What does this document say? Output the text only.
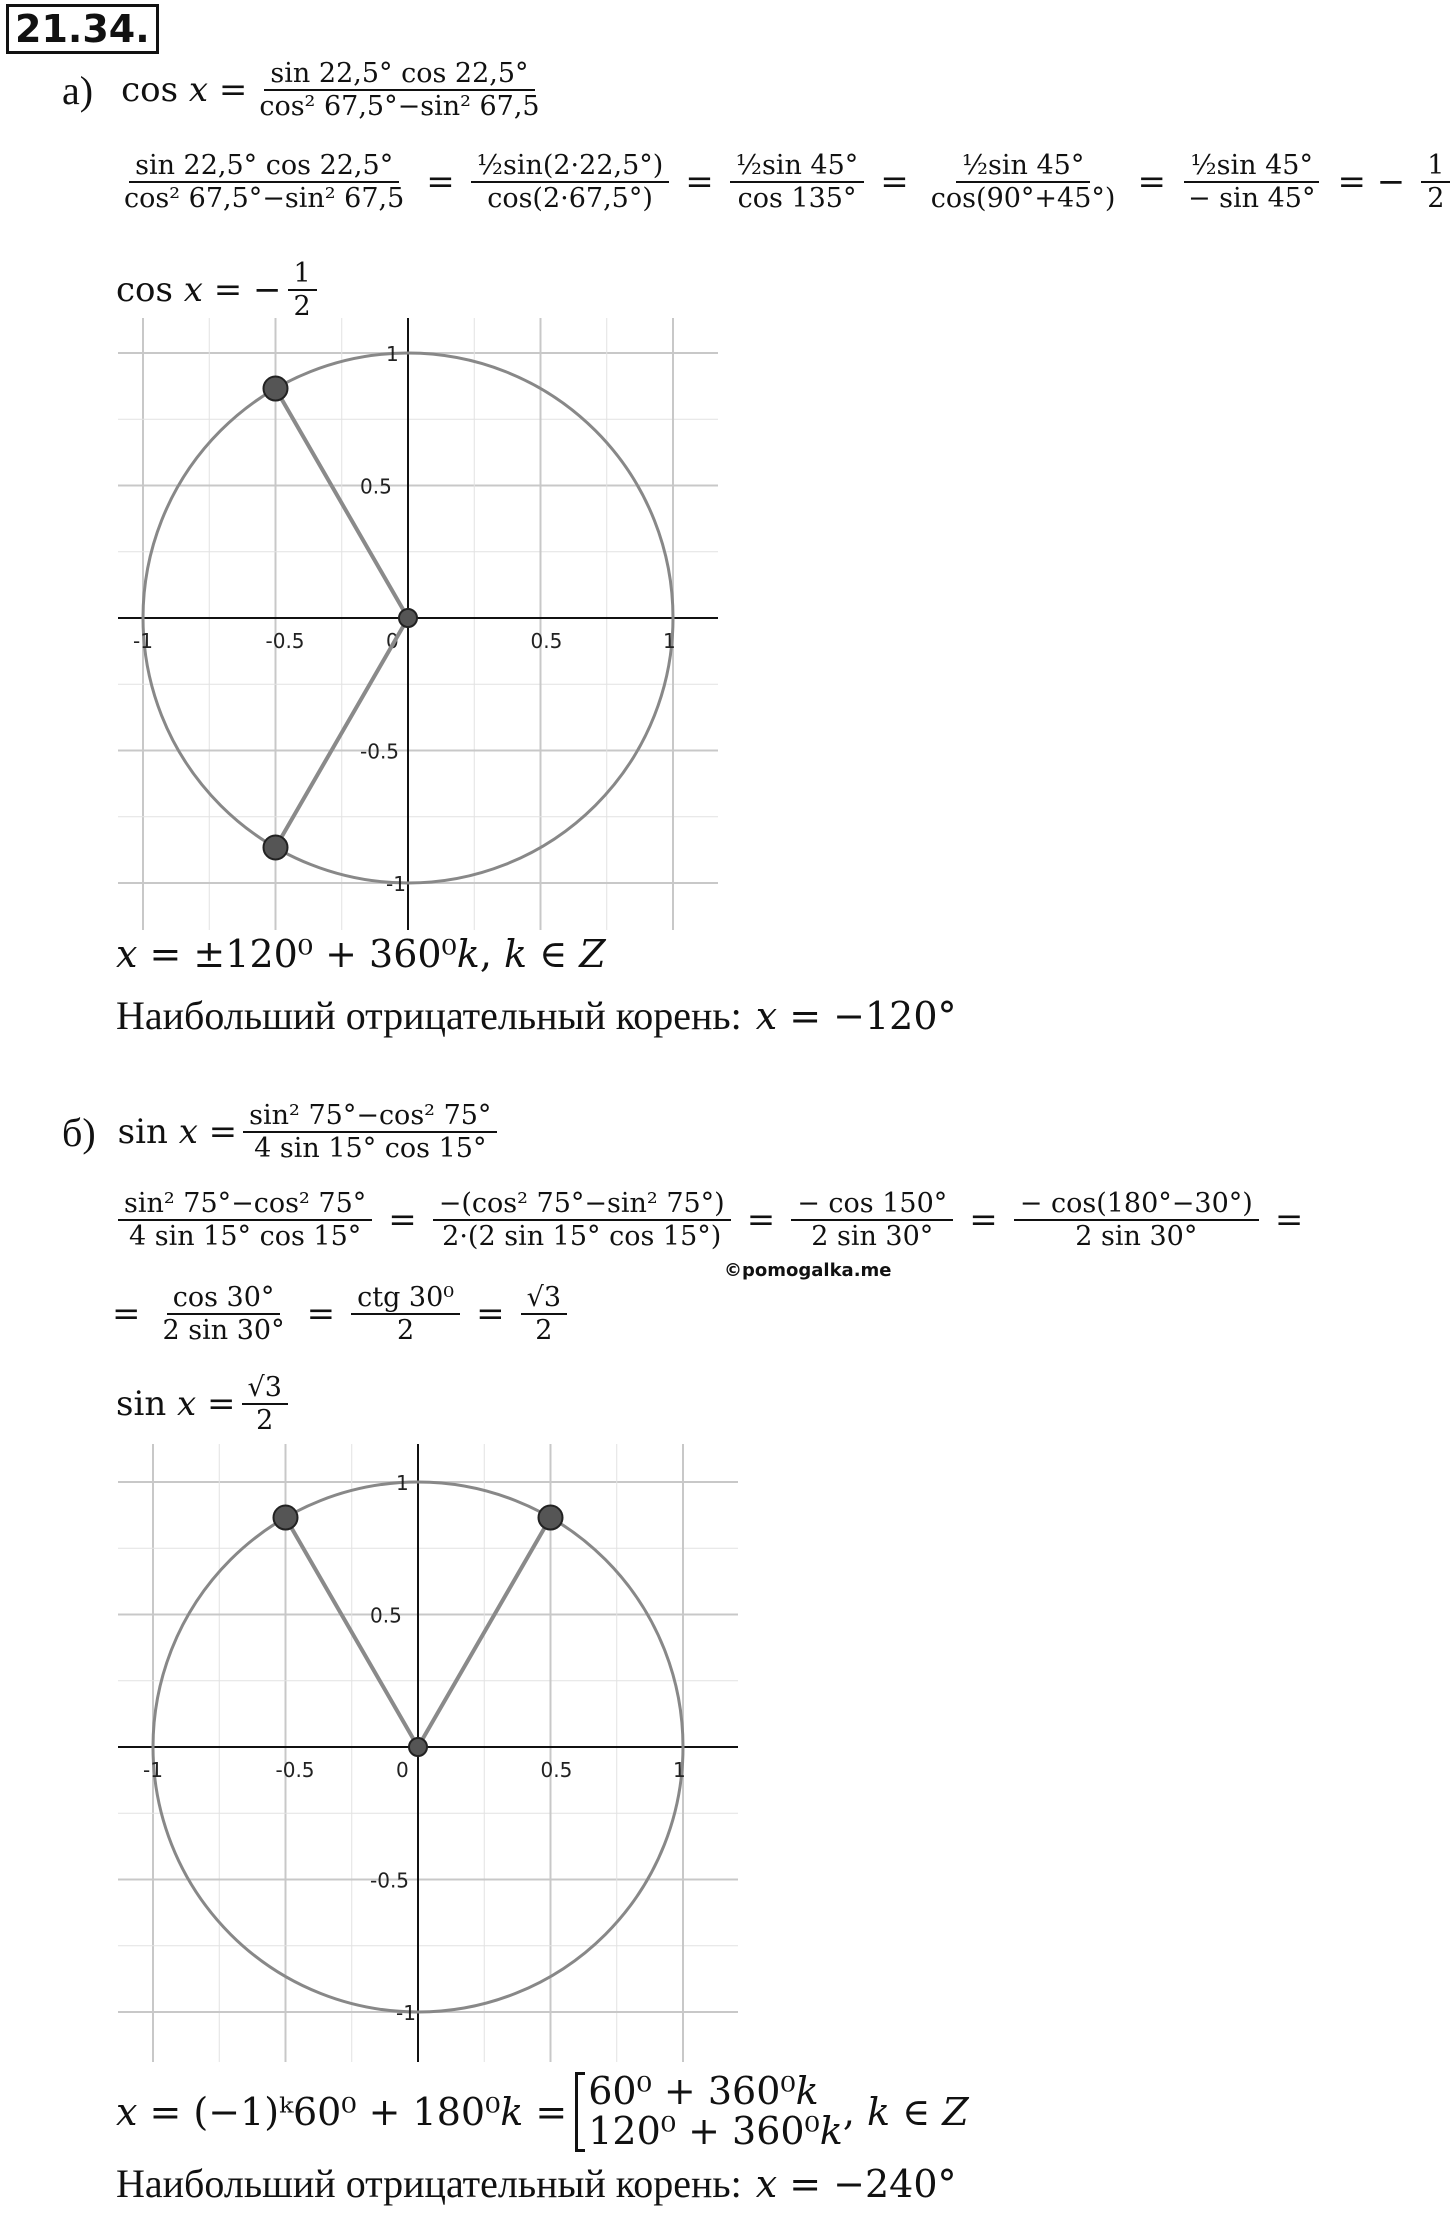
21.34.
а) cos 𝑥 = $\frac{\sin 22,5^\circ \cos 22,5^\circ}{\text{cos² 67,5°−sin² 67,5}}$
$\frac{\sin 22,5^\circ \cos 22,5^\circ}{\text{cos² 67,5°−sin² 67,5}} = \frac{\text{½sin(2·22,5°)}}{\cos(2\cdot 67,5^\circ)} = \frac{\text{½sin 45°}}{\cos 135^\circ} = \frac{\text{½sin 45°}}{\cos(90^\circ+45^\circ)} = \frac{\text{½sin 45°}}{- \sin 45^\circ}$ = − $\frac{1}{2}$
cos 𝑥 = − $\frac{1}{2}$
-1	-0.5	0	0.5	1
1
0.5
-0.5
-1
𝑥 = ±120⁰ + 360⁰𝑘, 𝑘 ∈ 𝑍
Наибольший отрицательный корень: 𝑥 = −120°
б) sin 𝑥 = $\frac{\text{sin² 75°−cos² 75°}}{4 \sin 15^\circ \cos 15^\circ}$
$\frac{\text{sin² 75°−cos² 75°}}{4 \sin 15^\circ \cos 15^\circ} = \frac{\text{−(cos² 75°−sin² 75°)}}{2\cdot(2 \sin 15^\circ \cos 15^\circ)} = \frac{- \cos 150^\circ}{2 \sin 30^\circ} = \frac{- \cos(180^\circ-30^\circ)}{2 \sin 30^\circ}$ =
©pomogalka.me
= $\frac{\cos 30^\circ}{2 \sin 30^\circ} = \frac{\text{ctg 30⁰}}{2} = \frac{√3}{2}$
sin 𝑥 = $\frac{√3}{2}$
-1	-0.5	0	0.5	1
1
0.5
-0.5
-1
𝑥 = (−1)ᵏ60⁰ + 180⁰𝑘 = 60⁰ + 360⁰𝑘
120⁰ + 360⁰𝑘 , 𝑘 ∈ 𝑍
Наибольший отрицательный корень: 𝑥 = −240°
